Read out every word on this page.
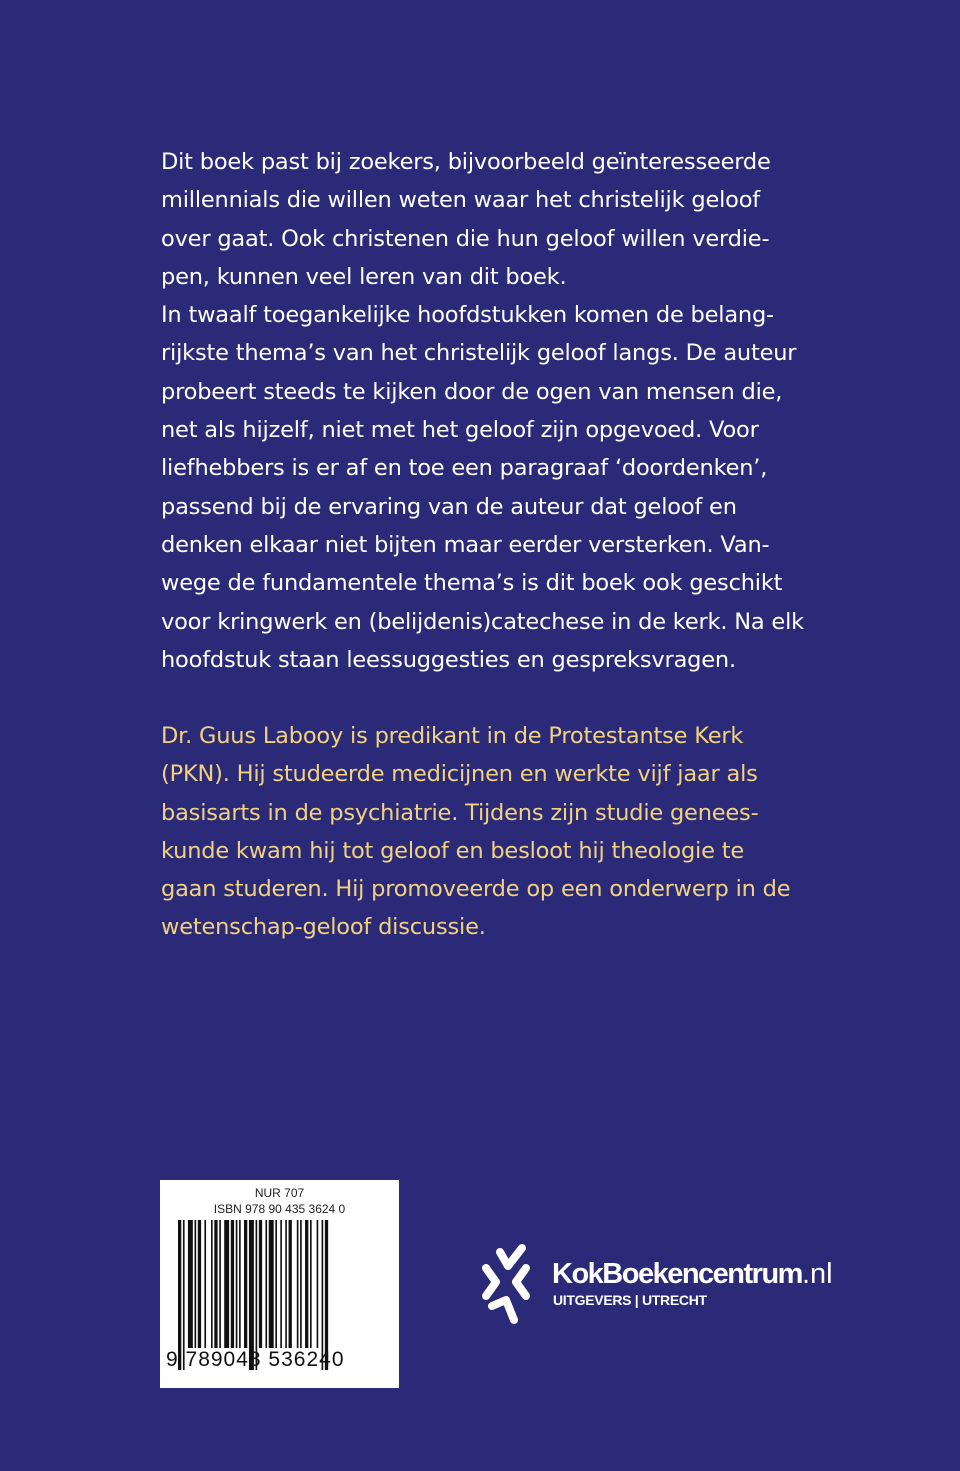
Dit boek past bij zoekers, bijvoorbeeld geïnteresseerde
millennials die willen weten waar het christelijk geloof
over gaat. Ook christenen die hun geloof willen verdie-
pen, kunnen veel leren van dit boek.
In twaalf toegankelijke hoofdstukken komen de belang-
rijkste thema’s van het christelijk geloof langs. De auteur
probeert steeds te kijken door de ogen van mensen die,
net als hijzelf, niet met het geloof zijn opgevoed. Voor
liefhebbers is er af en toe een paragraaf ‘doordenken’,
passend bij de ervaring van de auteur dat geloof en
denken elkaar niet bijten maar eerder versterken. Van-
wege de fundamentele thema’s is dit boek ook geschikt
voor kringwerk en (belijdenis)catechese in de kerk. Na elk
hoofdstuk staan leessuggesties en gespreksvragen.
Dr. Guus Labooy is predikant in de Protestantse Kerk
(PKN). Hij studeerde medicijnen en werkte vijf jaar als
basisarts in de psychiatrie. Tijdens zijn studie genees-
kunde kwam hij tot geloof en besloot hij theologie te
gaan studeren. Hij promoveerde op een onderwerp in de
wetenschap-geloof discussie.
NUR 707
ISBN 978 90 435 3624 0
9 789043 536240
KokBoekencentrum.nl
UITGEVERS | UTRECHT
